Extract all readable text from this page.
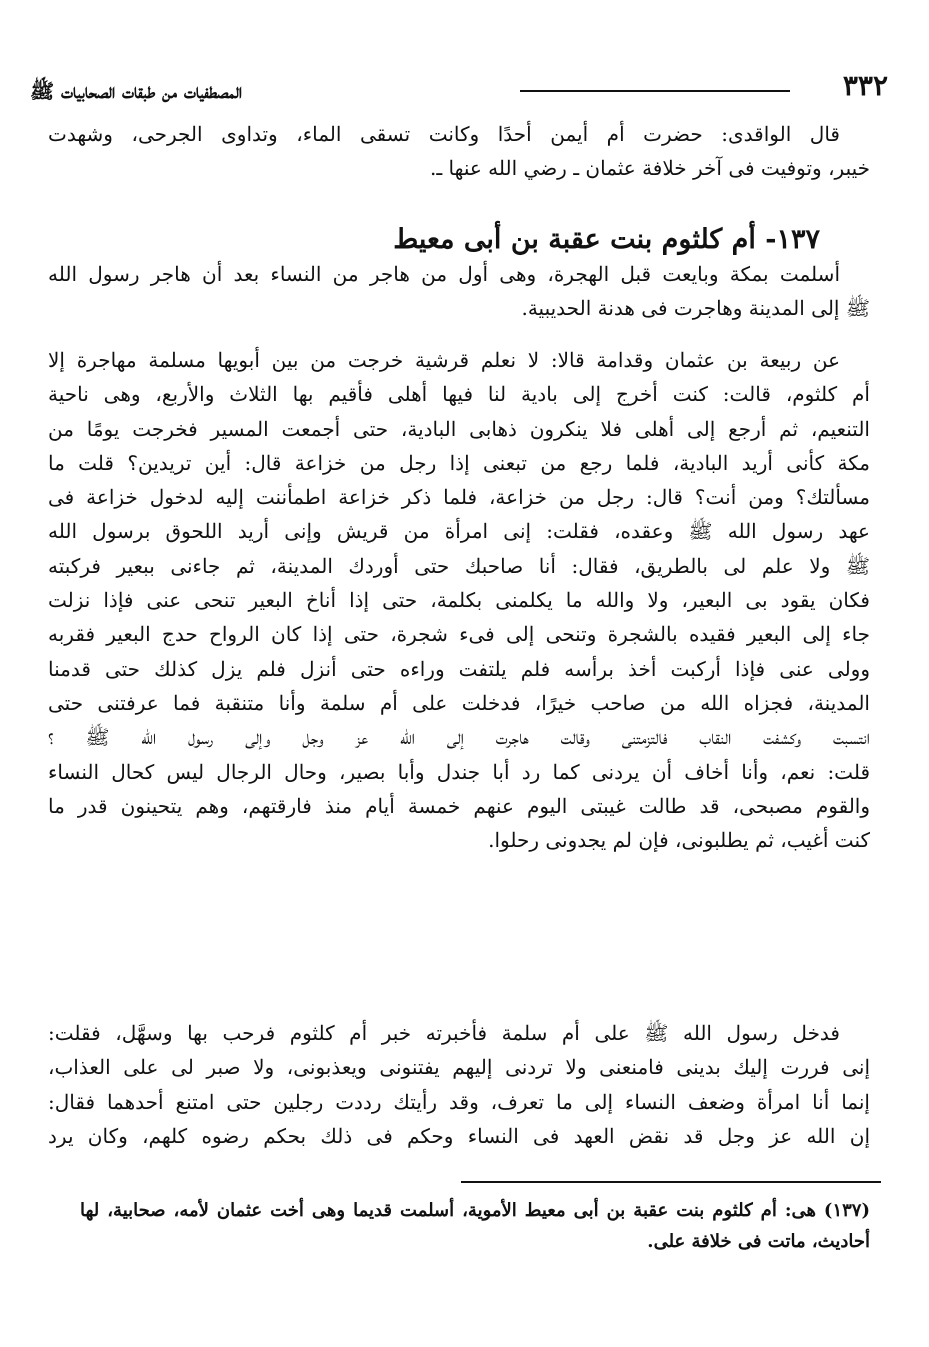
٣٣٢
المصطفيات من طبقات الصحابيات ﷺ
قال الواقدى: حضرت أم أيمن أحدًا وكانت تسقى الماء، وتداوى الجرحى، وشهدت
خيبر، وتوفيت فى آخر خلافة عثمان ـ رضي الله عنها ـ.
١٣٧- أم كلثوم بنت عقبة بن أبى معيط
أسلمت بمكة وبايعت قبل الهجرة، وهى أول من هاجر من النساء بعد أن هاجر رسول الله
ﷺ إلى المدينة وهاجرت فى هدنة الحديبية.
عن ربيعة بن عثمان وقدامة قالا: لا نعلم قرشية خرجت من بين أبويها مسلمة مهاجرة إلا
أم كلثوم، قالت: كنت أخرج إلى بادية لنا فيها أهلى فأقيم بها الثلاث والأربع، وهى ناحية
التنعيم، ثم أرجع إلى أهلى فلا ينكرون ذهابى البادية، حتى أجمعت المسير فخرجت يومًا من
مكة كأنى أريد البادية، فلما رجع من تبعنى إذا رجل من خزاعة قال: أين تريدين؟ قلت ما
مسألتك؟ ومن أنت؟ قال: رجل من خزاعة، فلما ذكر خزاعة اطمأننت إليه لدخول خزاعة فى
عهد رسول الله ﷺ وعقده، فقلت: إنى امرأة من قريش وإنى أريد اللحوق برسول الله
ﷺ ولا علم لى بالطريق، فقال: أنا صاحبك حتى أوردك المدينة، ثم جاءنى ببعير فركبته
فكان يقود بى البعير، ولا والله ما يكلمنى بكلمة، حتى إذا أناخ البعير تنحى عنى فإذا نزلت
جاء إلى البعير فقيده بالشجرة وتنحى إلى فىء شجرة، حتى إذا كان الرواح حدج البعير فقربه
وولى عنى فإذا أركبت أخذ برأسه فلم يلتفت وراءه حتى أنزل فلم يزل كذلك حتى قدمنا
المدينة، فجزاه الله من صاحب خيرًا، فدخلت على أم سلمة وأنا متنقبة فما عرفتنى حتى
انتسبت وكشفت النقاب فالتزمتنى وقالت هاجرت إلى الله عز وجل وإلى رسول الله ﷺ ؟
قلت: نعم، وأنا أخاف أن يردنى كما رد أبا جندل وأبا بصير، وحال الرجال ليس كحال النساء
والقوم مصبحى، قد طالت غيبتى اليوم عنهم خمسة أيام منذ فارقتهم، وهم يتحينون قدر ما
كنت أغيب، ثم يطلبونى، فإن لم يجدونى رحلوا.
فدخل رسول الله ﷺ على أم سلمة فأخبرته خبر أم كلثوم فرحب بها وسهَّل، فقلت:
إنى فررت إليك بدينى فامنعنى ولا تردنى إليهم يفتنونى ويعذبونى، ولا صبر لى على العذاب،
إنما أنا امرأة وضعف النساء إلى ما تعرف، وقد رأيتك رددت رجلين حتى امتنع أحدهما فقال:
إن الله عز وجل قد نقض العهد فى النساء وحكم فى ذلك بحكم رضوه كلهم، وكان يرد
(١٣٧) هى: أم كلثوم بنت عقبة بن أبى معيط الأموية، أسلمت قديما وهى أخت عثمان لأمه، صحابية، لها
أحاديث، ماتت فى خلافة على.
